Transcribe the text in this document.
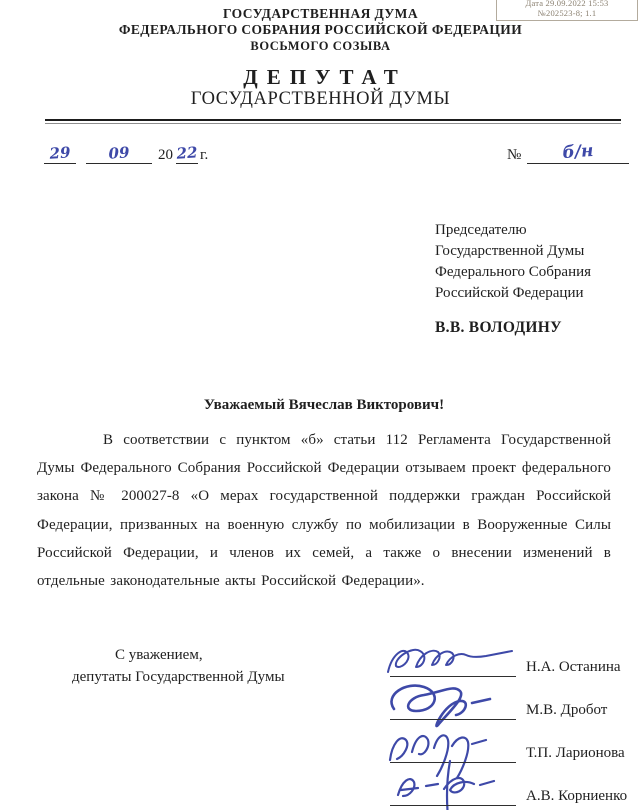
Дата 29.09.2022 15:53
№202523-8; 1.1
ГОСУДАРСТВЕННАЯ ДУМА
ФЕДЕРАЛЬНОГО СОБРАНИЯ РОССИЙСКОЙ ФЕДЕРАЦИИ
ВОСЬМОГО СОЗЫВА
ДЕПУТАТ
ГОСУДАРСТВЕННОЙ ДУМЫ
29	09	20 22 г.	№	б/н
Председателю
Государственной Думы
Федерального Собрания
Российской Федерации
В.В. ВОЛОДИНУ
Уважаемый Вячеслав Викторович!
В соответствии с пунктом «б» статьи 112 Регламента Государственной Думы Федерального Собрания Российской Федерации отзываем проект федерального закона № 200027-8 «О мерах государственной поддержки граждан Российской Федерации, призванных на военную службу по мобилизации в Вооруженные Силы Российской Федерации, и членов их семей, а также о внесении изменений в отдельные законодательные акты Российской Федерации».
С уважением,
депутаты Государственной Думы
Н.А. Останина
М.В. Дробот
Т.П. Ларионова
А.В. Корниенко
